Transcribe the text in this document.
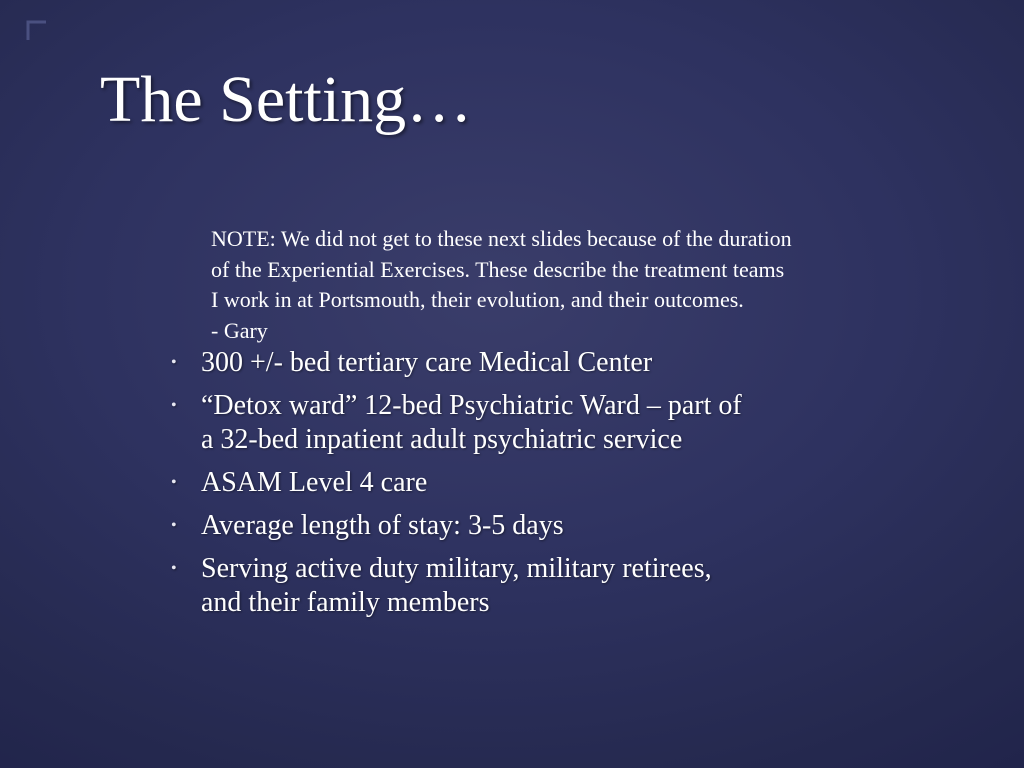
The Setting…
NOTE: We did not get to these next slides because of the duration
of the Experiential Exercises. These describe the treatment teams
I work in at Portsmouth, their evolution, and their outcomes.
- Gary
• 300 +/- bed tertiary care Medical Center
• “Detox ward” 12-bed Psychiatric Ward – part of
a 32-bed inpatient adult psychiatric service
• ASAM Level 4 care
• Average length of stay: 3-5 days
• Serving active duty military, military retirees,
and their family members
